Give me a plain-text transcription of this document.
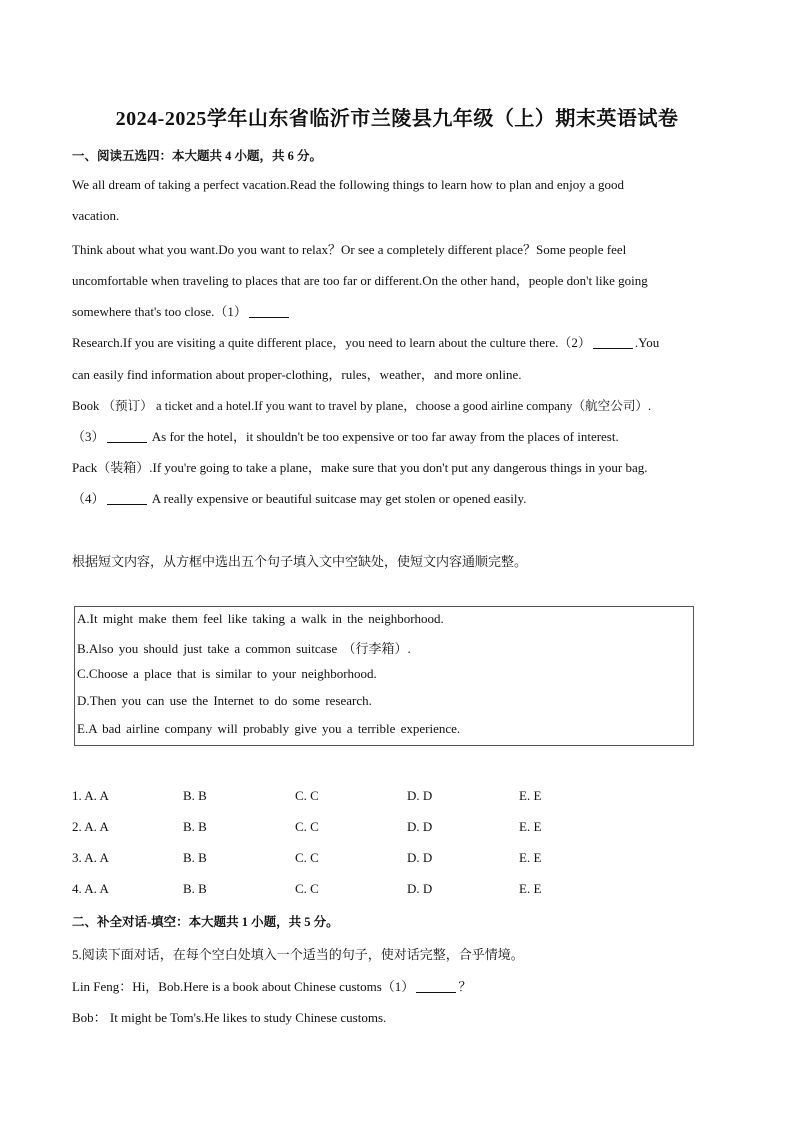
2024-2025学年山东省临沂市兰陵县九年级（上）期末英语试卷
一、阅读五选四：本大题共 4 小题，共 6 分。
We all dream of taking a perfect vacation.Read the following things to learn how to plan and enjoy a good
vacation.
Think about what you want.Do you want to relax？Or see a completely different place？Some people feel
uncomfortable when traveling to places that are too far or different.On the other hand，people don't like going
somewhere that's too close.（1）
Research.If you are visiting a quite different place，you need to learn about the culture there.（2）	.You
can easily find information about proper-clothing，rules，weather，and more online.
Book （预订） a ticket and a hotel.If you want to travel by plane，choose a good airline company（航空公司）.
（3）	As for the hotel，it shouldn't be too expensive or too far away from the places of interest.
Pack（装箱）.If you're going to take a plane，make sure that you don't put any dangerous things in your bag.
（4）	A really expensive or beautiful suitcase may get stolen or opened easily.
根据短文内容，从方框中选出五个句子填入文中空缺处，使短文内容通顺完整。
A.It might make them feel like taking a walk in the neighborhood.
B.Also you should just take a common suitcase （行李箱）.
C.Choose a place that is similar to your neighborhood.
D.Then you can use the Internet to do some research.
E.A bad airline company will probably give you a terrible experience.
1. A. A	B. B	C. C	D. D	E. E
2. A. A	B. B	C. C	D. D	E. E
3. A. A	B. B	C. C	D. D	E. E
4. A. A	B. B	C. C	D. D	E. E
二、补全对话-填空：本大题共 1 小题，共 5 分。
5.阅读下面对话，在每个空白处填入一个适当的句子，使对话完整，合乎情境。
Lin Feng：Hi，Bob.Here is a book about Chinese customs（1）	？
Bob： It might be Tom's.He likes to study Chinese customs.
